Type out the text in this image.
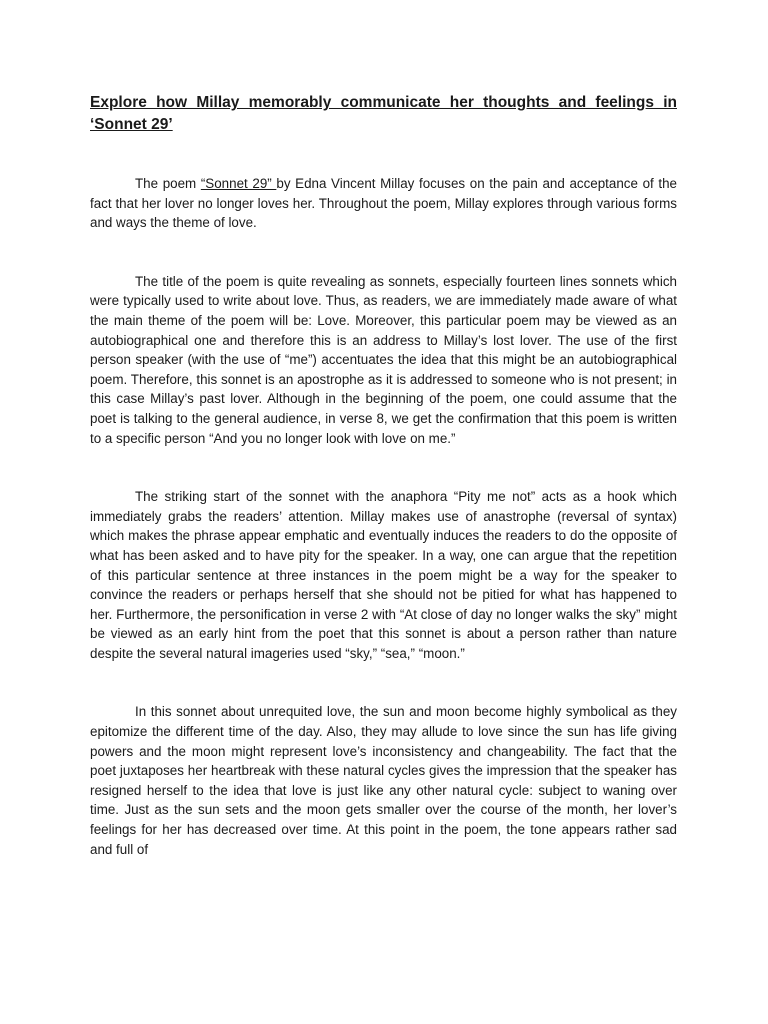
Explore how Millay memorably communicate her thoughts and feelings in ‘Sonnet 29’

The poem “Sonnet 29” by Edna Vincent Millay focuses on the pain and acceptance of the fact that her lover no longer loves her. Throughout the poem, Millay explores through various forms and ways the theme of love.

The title of the poem is quite revealing as sonnets, especially fourteen lines sonnets which were typically used to write about love. Thus, as readers, we are immediately made aware of what the main theme of the poem will be: Love. Moreover, this particular poem may be viewed as an autobiographical one and therefore this is an address to Millay’s lost lover. The use of the first person speaker (with the use of “me”) accentuates the idea that this might be an autobiographical poem. Therefore, this sonnet is an apostrophe as it is addressed to someone who is not present; in this case Millay’s past lover. Although in the beginning of the poem, one could assume that the poet is talking to the general audience, in verse 8, we get the confirmation that this poem is written to a specific person “And you no longer look with love on me.”

The striking start of the sonnet with the anaphora “Pity me not” acts as a hook which immediately grabs the readers’ attention. Millay makes use of anastrophe (reversal of syntax) which makes the phrase appear emphatic and eventually induces the readers to do the opposite of what has been asked and to have pity for the speaker. In a way, one can argue that the repetition of this particular sentence at three instances in the poem might be a way for the speaker to convince the readers or perhaps herself that she should not be pitied for what has happened to her. Furthermore, the personification in verse 2 with “At close of day no longer walks the sky” might be viewed as an early hint from the poet that this sonnet is about a person rather than nature despite the several natural imageries used “sky,” “sea,” “moon.”

In this sonnet about unrequited love, the sun and moon become highly symbolical as they epitomize the different time of the day. Also, they may allude to love since the sun has life giving powers and the moon might represent love’s inconsistency and changeability. The fact that the poet juxtaposes her heartbreak with these natural cycles gives the impression that the speaker has resigned herself to the idea that love is just like any other natural cycle: subject to waning over time. Just as the sun sets and the moon gets smaller over the course of the month, her lover’s feelings for her has decreased over time. At this point in the poem, the tone appears rather sad and full of
